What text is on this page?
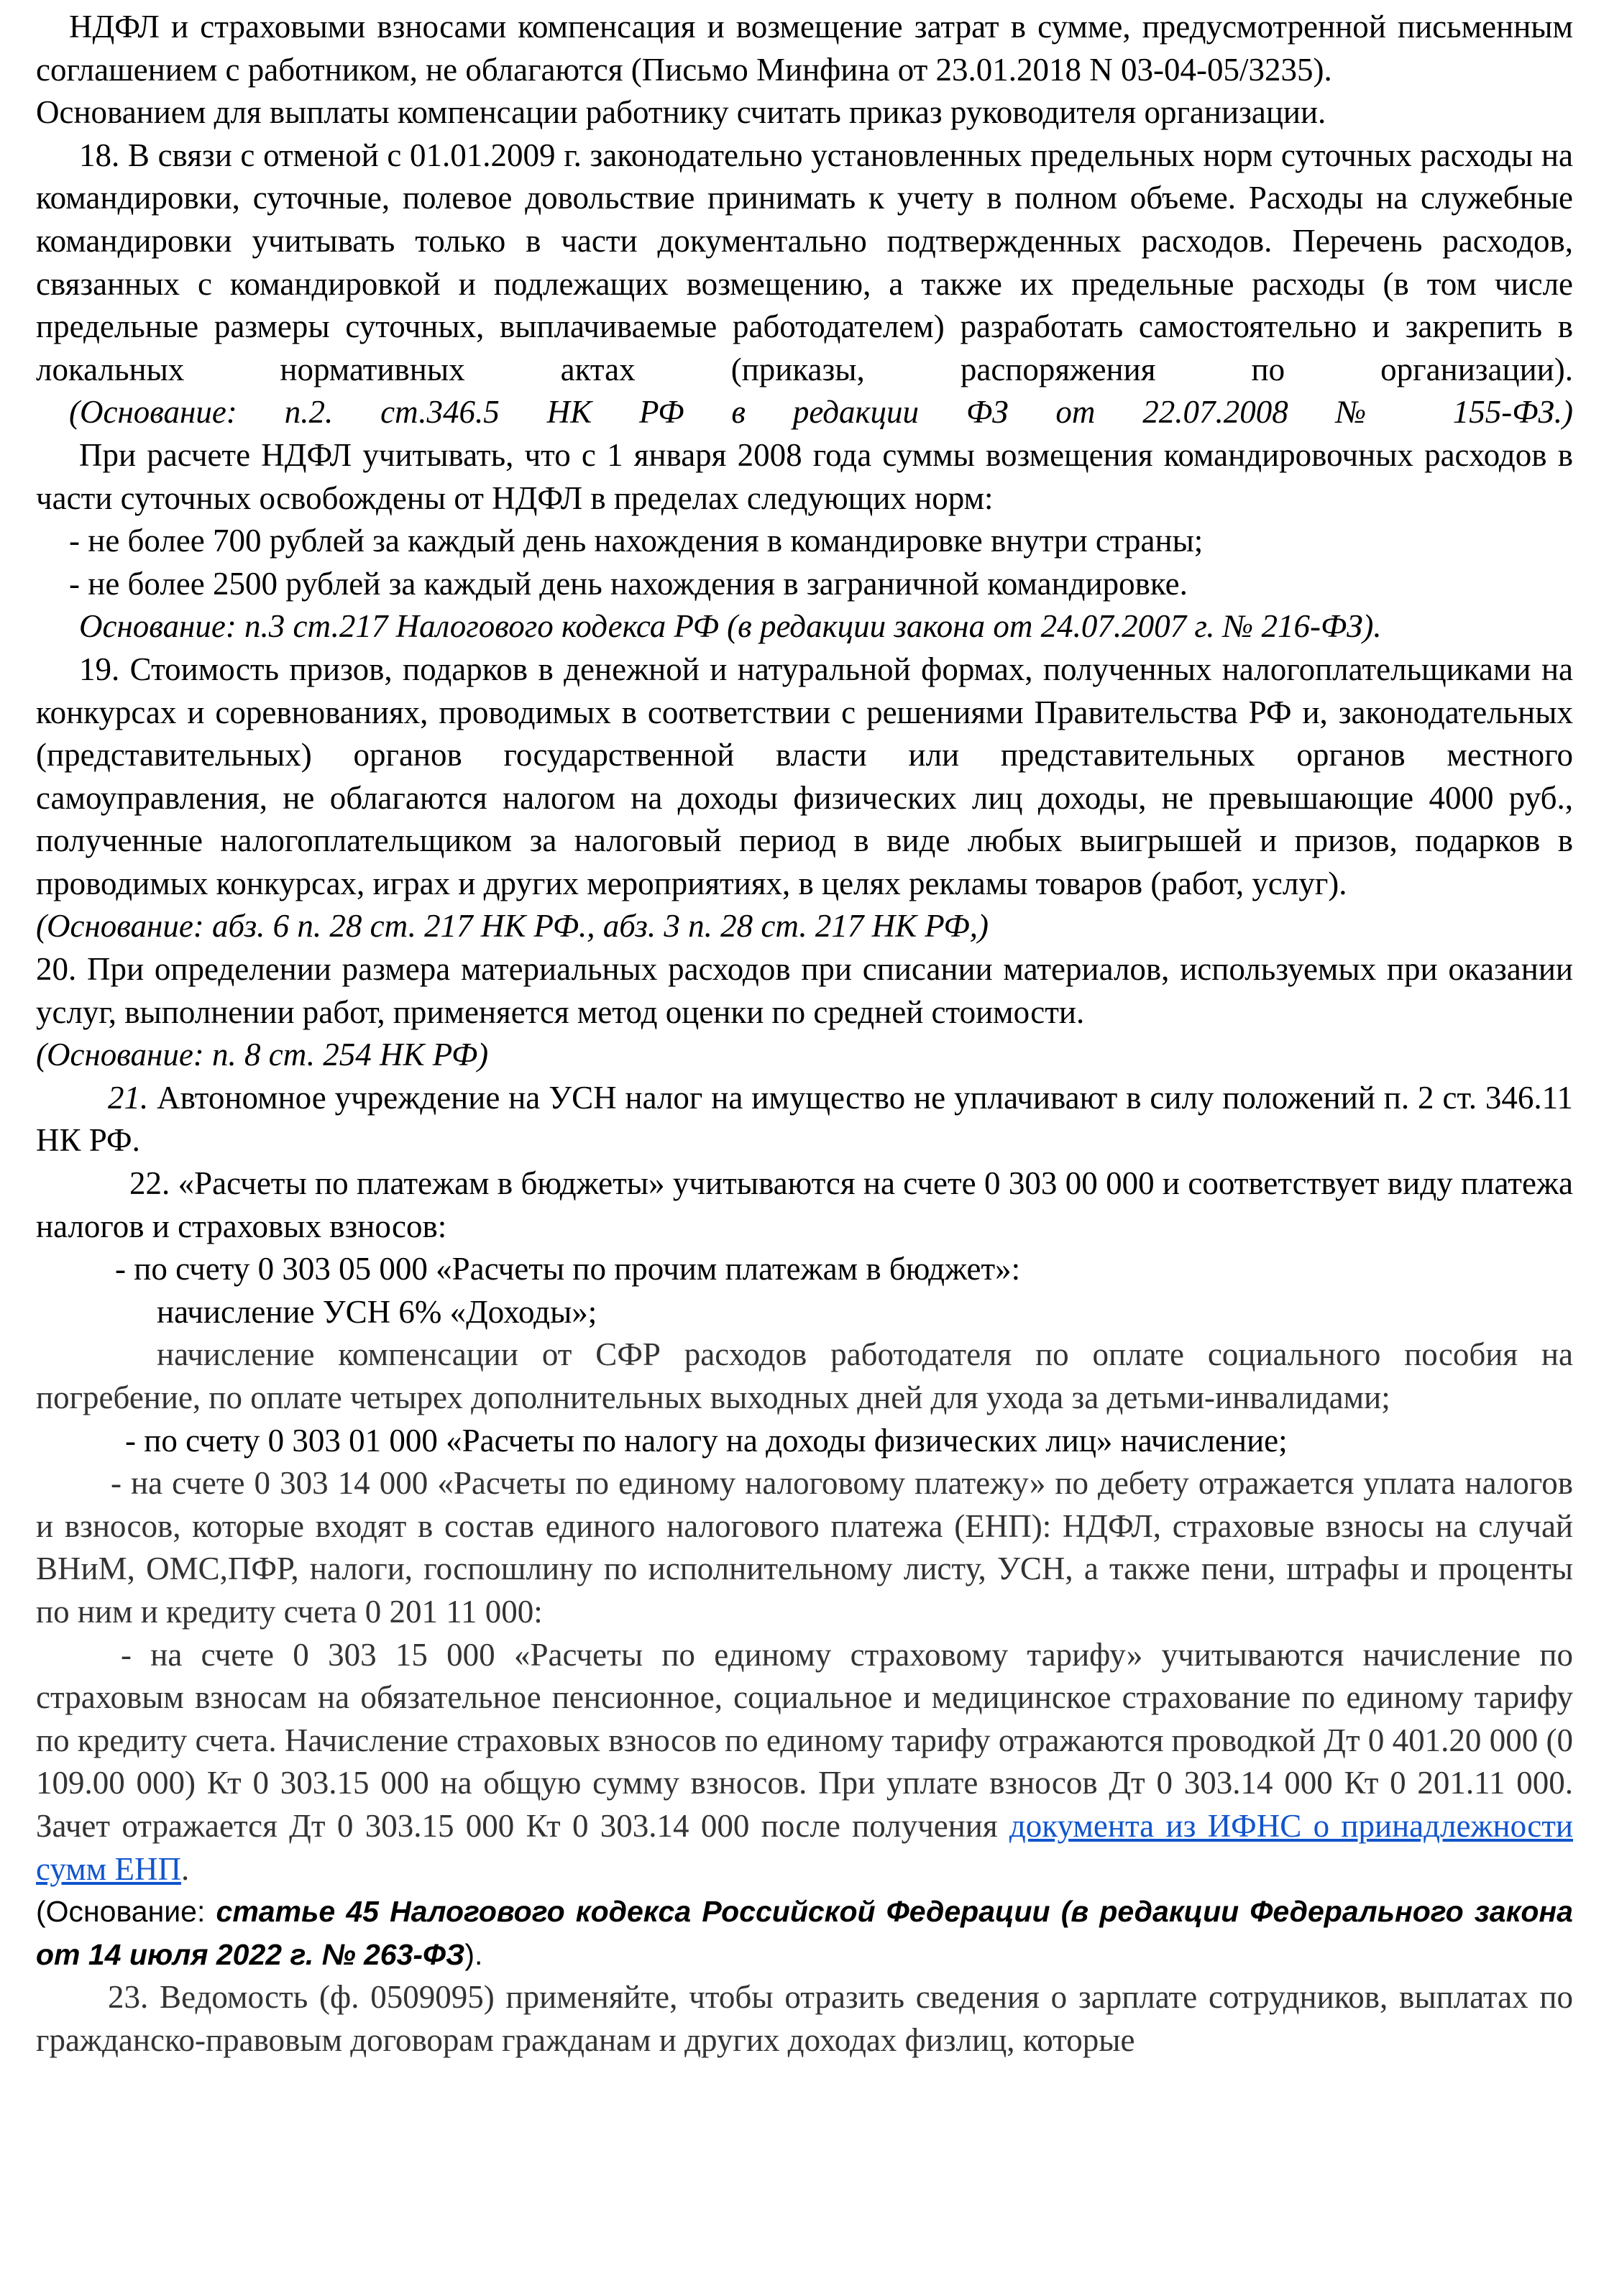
НДФЛ и страховыми взносами компенсация и возмещение затрат в сумме, предусмотренной письменным соглашением с работником, не облагаются (Письмо Минфина от 23.01.2018 N 03-04-05/3235).

Основанием для выплаты компенсации работнику считать приказ руководителя организации.

18. В связи с отменой с 01.01.2009 г. законодательно установленных предельных норм суточных расходы на командировки, суточные, полевое довольствие принимать к учету в полном объеме. Расходы на служебные командировки учитывать только в части документально подтвержденных расходов. Перечень расходов, связанных с командировкой и подлежащих возмещению, а также их предельные расходы (в том числе предельные размеры суточных, выплачиваемые работодателем) разработать самостоятельно и закрепить в локальных нормативных актах (приказы, распоряжения по организации).

(Основание: п.2. ст.346.5 НК РФ в редакции ФЗ от 22.07.2008 № 155-ФЗ.)

При расчете НДФЛ учитывать, что с 1 января 2008 года суммы возмещения командировочных расходов в части суточных освобождены от НДФЛ в пределах следующих норм:

- не более 700 рублей за каждый день нахождения в командировке внутри страны;

- не более 2500 рублей за каждый день нахождения в заграничной командировке.

Основание: п.3 ст.217 Налогового кодекса РФ (в редакции закона от 24.07.2007 г. № 216-ФЗ).

19. Стоимость призов, подарков в денежной и натуральной формах, полученных налогоплательщиками на конкурсах и соревнованиях, проводимых в соответствии с решениями Правительства РФ и, законодательных (представительных) органов государственной власти или представительных органов местного самоуправления, не облагаются налогом на доходы физических лиц доходы, не превышающие 4000 руб., полученные налогоплательщиком за налоговый период в виде любых выигрышей и призов, подарков в проводимых конкурсах, играх и других мероприятиях, в целях рекламы товаров (работ, услуг).

(Основание: абз. 6 п. 28 ст. 217 НК РФ., абз. 3 п. 28 ст. 217 НК РФ,)

20. При определении размера материальных расходов при списании материалов, используемых при оказании услуг, выполнении работ, применяется метод оценки по средней стоимости.

(Основание: п. 8 ст. 254 НК РФ)

21. Автономное учреждение на УСН налог на имущество не уплачивают в силу положений п. 2 ст. 346.11 НК РФ.

22. «Расчеты по платежам в бюджеты» учитываются на счете 0 303 00 000 и соответствует виду платежа налогов и страховых взносов:

- по счету 0 303 05 000 «Расчеты по прочим платежам в бюджет»:

начисление УСН 6% «Доходы»;

начисление компенсации от СФР расходов работодателя по оплате социального пособия на погребение, по оплате четырех дополнительных выходных дней для ухода за детьми-инвалидами;

- по счету 0 303 01 000 «Расчеты по налогу на доходы физических лиц» начисление;

- на счете 0 303 14 000 «Расчеты по единому налоговому платежу» по дебету отражается уплата налогов и взносов, которые входят в состав единого налогового платежа (ЕНП): НДФЛ, страховые взносы на случай ВНиМ, ОМС,ПФР, налоги, госпошлину по исполнительному листу, УСН, а также пени, штрафы и проценты по ним и кредиту счета 0 201 11 000:

- на счете 0 303 15 000 «Расчеты по единому страховому тарифу» учитываются начисление по страховым взносам на обязательное пенсионное, социальное и медицинское страхование по единому тарифу по кредиту счета. Начисление страховых взносов по единому тарифу отражаются проводкой Дт 0 401.20 000 (0 109.00 000) Кт 0 303.15 000 на общую сумму взносов. При уплате взносов Дт 0 303.14 000 Кт 0 201.11 000. Зачет отражается Дт 0 303.15 000 Кт 0 303.14 000 после получения документа из ИФНС о принадлежности сумм ЕНП.

(Основание: статье 45 Налогового кодекса Российской Федерации (в редакции Федерального закона от 14 июля 2022 г. № 263-ФЗ).

23. Ведомость (ф. 0509095) применяйте, чтобы отразить сведения о зарплате сотрудников, выплатах по гражданско-правовым договорам гражданам и других доходах физлиц, которые
